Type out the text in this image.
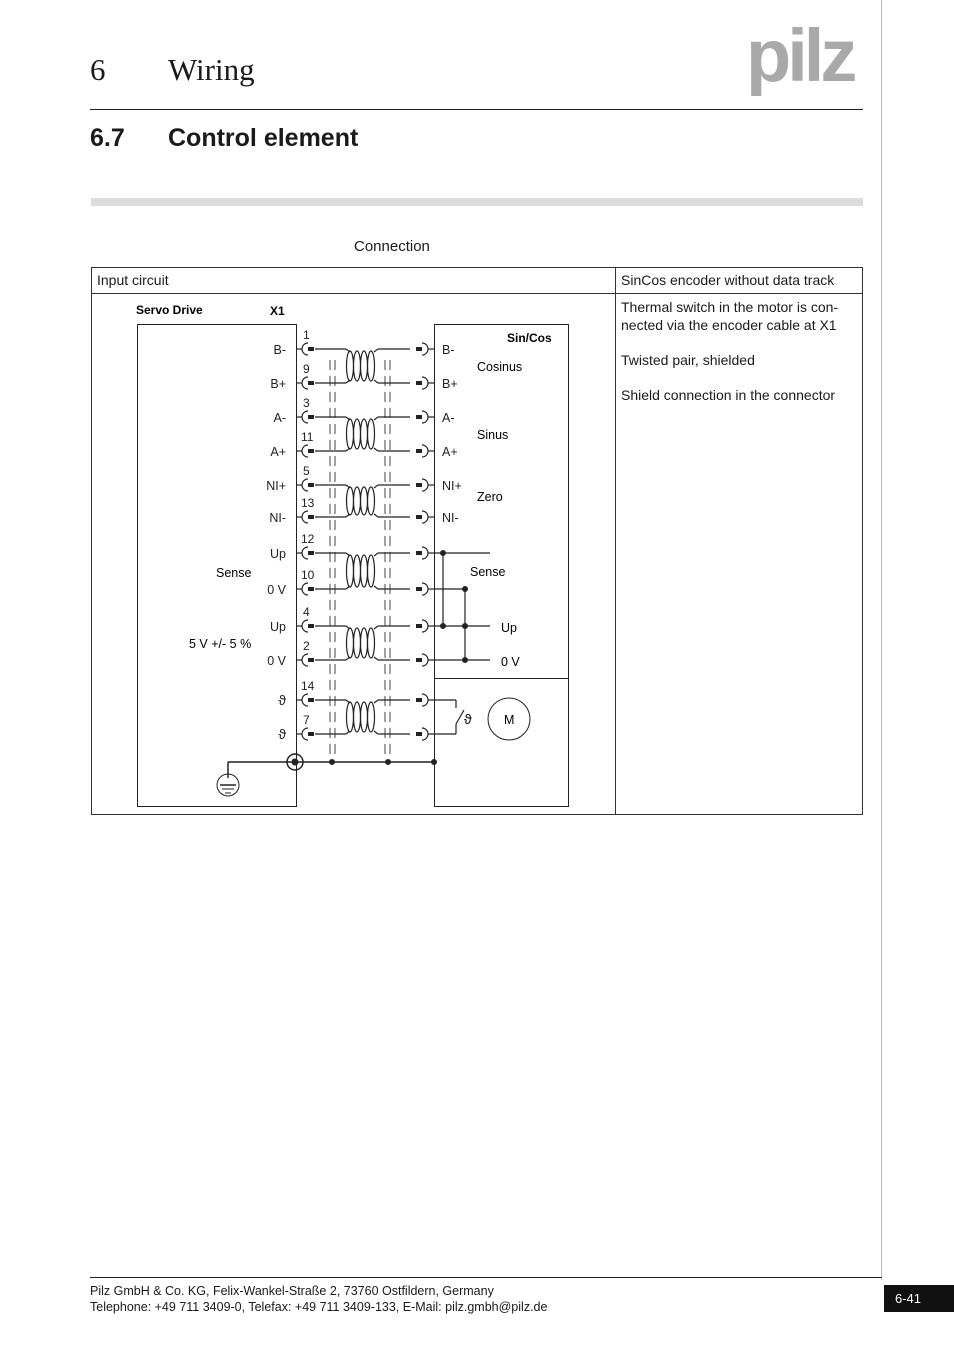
6 Wiring	pilz
6.7 Control element
Connection
Input circuit	SinCos encoder without data track

Thermal switch in the motor is con-nected via the encoder cable at X1

Twisted pair, shielded

Shield connection in the connector

Servo Drive	X1
Sin/Cos
Cosinus
Sinus
Zero
Sense
5 V +/- 5 %
Sense
Up
0 V
ϑ	M
1
B-	B-
9
B+	B+
3
A-	A-
11
A+	A+
5
NI+	NI+
13
NI-	NI-
12
Up
10
0 V
4
Up
2
0 V
14
ϑ
7
ϑ
Pilz GmbH & Co. KG, Felix-Wankel-Straße 2, 73760 Ostfildern, Germany
Telephone: +49 711 3409-0, Telefax: +49 711 3409-133, E-Mail: pilz.gmbh@pilz.de
6-41
